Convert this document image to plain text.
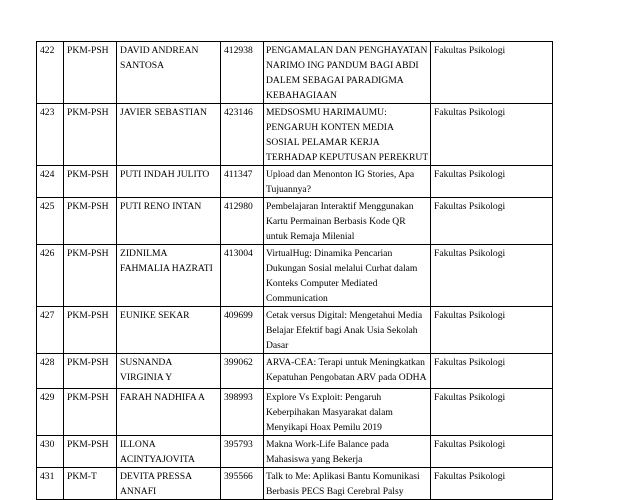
422	PKM-PSH	DAVID ANDREAN SANTOSA	412938	PENGAMALAN DAN PENGHAYATAN NARIMO ING PANDUM BAGI ABDI DALEM SEBAGAI PARADIGMA KEBAHAGIAAN	Fakultas Psikologi
423	PKM-PSH	JAVIER SEBASTIAN	423146	MEDSOSMU HARIMAUMU: PENGARUH KONTEN MEDIA SOSIAL PELAMAR KERJA TERHADAP KEPUTUSAN PEREKRUT	Fakultas Psikologi
424	PKM-PSH	PUTI INDAH JULITO	411347	Upload dan Menonton IG Stories, Apa Tujuannya?	Fakultas Psikologi
425	PKM-PSH	PUTI RENO INTAN	412980	Pembelajaran Interaktif Menggunakan Kartu Permainan Berbasis Kode QR untuk Remaja Milenial	Fakultas Psikologi
426	PKM-PSH	ZIDNILMA FAHMALIA HAZRATI	413004	VirtualHug: Dinamika Pencarian Dukungan Sosial melalui Curhat dalam Konteks Computer Mediated Communication	Fakultas Psikologi
427	PKM-PSH	EUNIKE SEKAR	409699	Cetak versus Digital: Mengetahui Media Belajar Efektif bagi Anak Usia Sekolah Dasar	Fakultas Psikologi
428	PKM-PSH	SUSNANDA VIRGINIA Y	399062	ARVA-CEA: Terapi untuk Meningkatkan Kepatuhan Pengobatan ARV pada ODHA	Fakultas Psikologi
429	PKM-PSH	FARAH NADHIFA A	398993	Explore Vs Exploit: Pengaruh Keberpihakan Masyarakat dalam Menyikapi Hoax Pemilu 2019	Fakultas Psikologi
430	PKM-PSH	ILLONA ACINTYAJOVITA	395793	Makna Work-Life Balance pada Mahasiswa yang Bekerja	Fakultas Psikologi
431	PKM-T	DEVITA PRESSA ANNAFI	395566	Talk to Me: Aplikasi Bantu Komunikasi Berbasis PECS Bagi Cerebral Palsy	Fakultas Psikologi
